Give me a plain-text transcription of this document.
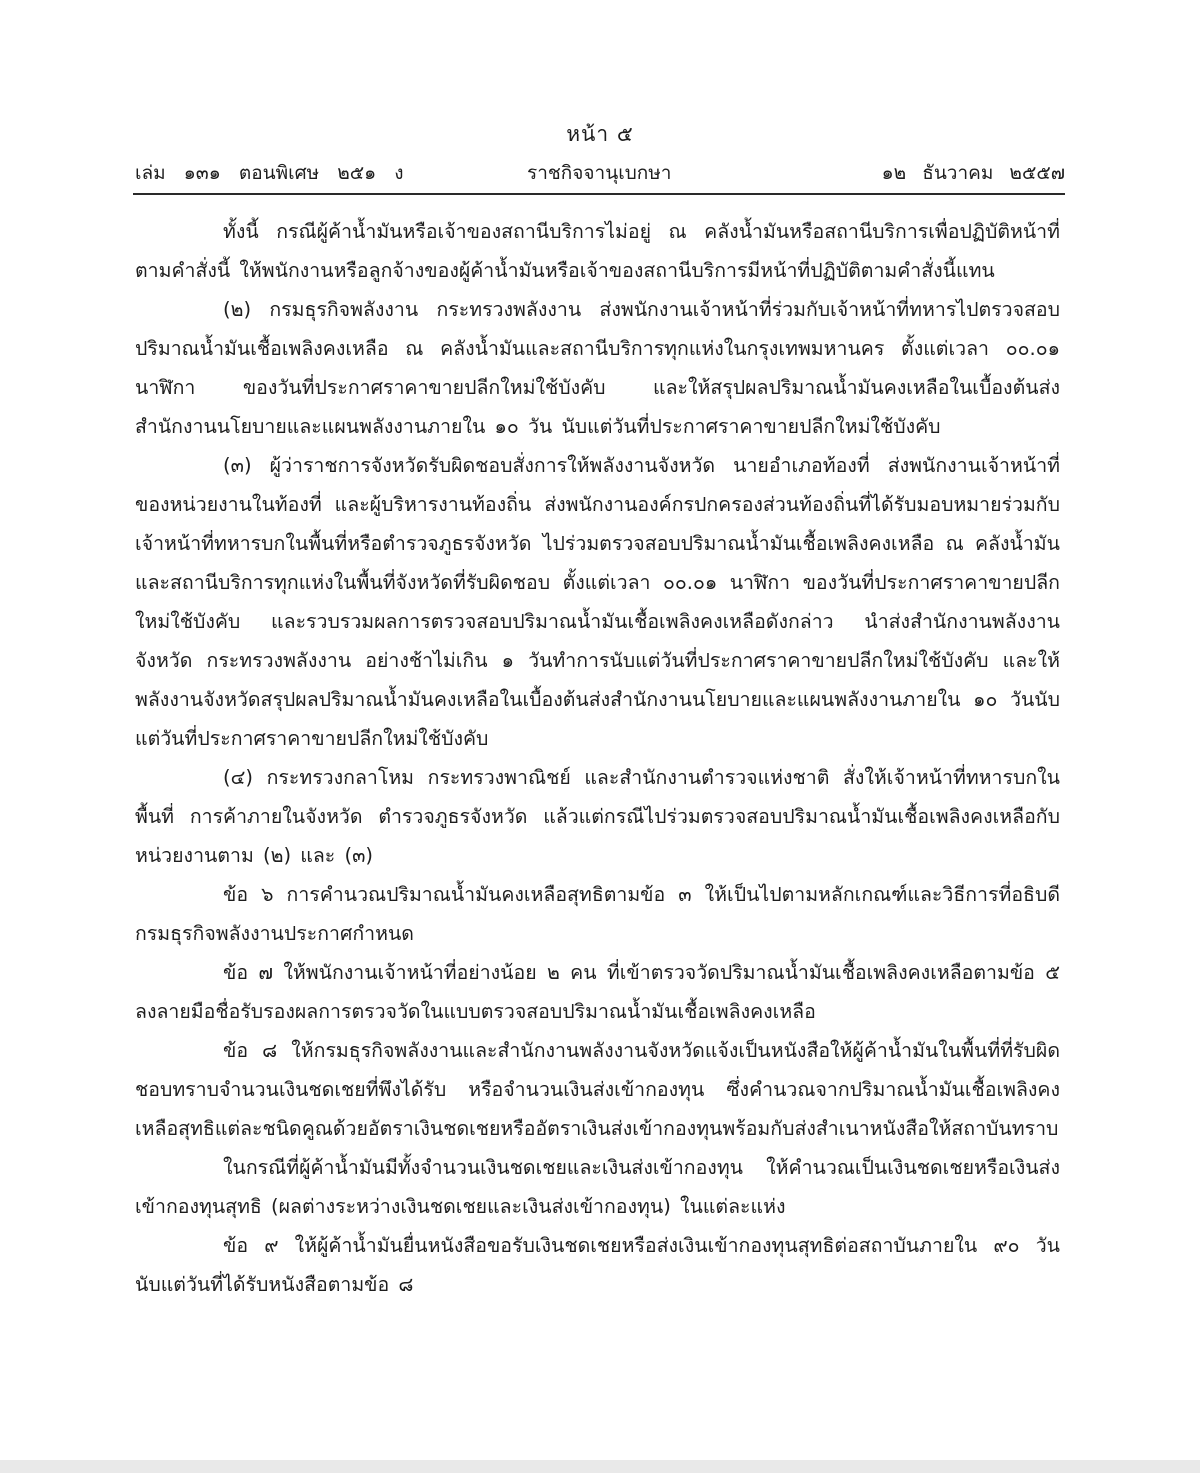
หน้า ๕
เล่ม ๑๓๑ ตอนพิเศษ ๒๕๑ ง	ราชกิจจานุเบกษา	๑๒ ธันวาคม ๒๕๕๗

ทั้งนี้ กรณีผู้ค้าน้ำมันหรือเจ้าของสถานีบริการไม่อยู่ ณ คลังน้ำมันหรือสถานีบริการเพื่อปฏิบัติหน้าที่ตามคำสั่งนี้ ให้พนักงานหรือลูกจ้างของผู้ค้าน้ำมันหรือเจ้าของสถานีบริการมีหน้าที่ปฏิบัติตามคำสั่งนี้แทน

(๒) กรมธุรกิจพลังงาน กระทรวงพลังงาน ส่งพนักงานเจ้าหน้าที่ร่วมกับเจ้าหน้าที่ทหารไปตรวจสอบปริมาณน้ำมันเชื้อเพลิงคงเหลือ ณ คลังน้ำมันและสถานีบริการทุกแห่งในกรุงเทพมหานคร ตั้งแต่เวลา ๐๐.๐๑ นาฬิกา ของวันที่ประกาศราคาขายปลีกใหม่ใช้บังคับ และให้สรุปผลปริมาณน้ำมันคงเหลือในเบื้องต้นส่งสำนักงานนโยบายและแผนพลังงานภายใน ๑๐ วัน นับแต่วันที่ประกาศราคาขายปลีกใหม่ใช้บังคับ

(๓) ผู้ว่าราชการจังหวัดรับผิดชอบสั่งการให้พลังงานจังหวัด นายอำเภอท้องที่ ส่งพนักงานเจ้าหน้าที่ของหน่วยงานในท้องที่ และผู้บริหารงานท้องถิ่น ส่งพนักงานองค์กรปกครองส่วนท้องถิ่นที่ได้รับมอบหมายร่วมกับเจ้าหน้าที่ทหารบกในพื้นที่หรือตำรวจภูธรจังหวัด ไปร่วมตรวจสอบปริมาณน้ำมันเชื้อเพลิงคงเหลือ ณ คลังน้ำมันและสถานีบริการทุกแห่งในพื้นที่จังหวัดที่รับผิดชอบ ตั้งแต่เวลา ๐๐.๐๑ นาฬิกา ของวันที่ประกาศราคาขายปลีกใหม่ใช้บังคับ และรวบรวมผลการตรวจสอบปริมาณน้ำมันเชื้อเพลิงคงเหลือดังกล่าว นำส่งสำนักงานพลังงานจังหวัด กระทรวงพลังงาน อย่างช้าไม่เกิน ๑ วันทำการนับแต่วันที่ประกาศราคาขายปลีกใหม่ใช้บังคับ และให้พลังงานจังหวัดสรุปผลปริมาณน้ำมันคงเหลือในเบื้องต้นส่งสำนักงานนโยบายและแผนพลังงานภายใน ๑๐ วันนับแต่วันที่ประกาศราคาขายปลีกใหม่ใช้บังคับ

(๔) กระทรวงกลาโหม กระทรวงพาณิชย์ และสำนักงานตำรวจแห่งชาติ สั่งให้เจ้าหน้าที่ทหารบกในพื้นที่ การค้าภายในจังหวัด ตำรวจภูธรจังหวัด แล้วแต่กรณีไปร่วมตรวจสอบปริมาณน้ำมันเชื้อเพลิงคงเหลือกับหน่วยงานตาม (๒) และ (๓)

ข้อ ๖ การคำนวณปริมาณน้ำมันคงเหลือสุทธิตามข้อ ๓ ให้เป็นไปตามหลักเกณฑ์และวิธีการที่อธิบดีกรมธุรกิจพลังงานประกาศกำหนด

ข้อ ๗ ให้พนักงานเจ้าหน้าที่อย่างน้อย ๒ คน ที่เข้าตรวจวัดปริมาณน้ำมันเชื้อเพลิงคงเหลือตามข้อ ๕ ลงลายมือชื่อรับรองผลการตรวจวัดในแบบตรวจสอบปริมาณน้ำมันเชื้อเพลิงคงเหลือ

ข้อ ๘ ให้กรมธุรกิจพลังงานและสำนักงานพลังงานจังหวัดแจ้งเป็นหนังสือให้ผู้ค้าน้ำมันในพื้นที่ที่รับผิดชอบทราบจำนวนเงินชดเชยที่พึงได้รับ หรือจำนวนเงินส่งเข้ากองทุน ซึ่งคำนวณจากปริมาณน้ำมันเชื้อเพลิงคงเหลือสุทธิแต่ละชนิดคูณด้วยอัตราเงินชดเชยหรืออัตราเงินส่งเข้ากองทุนพร้อมกับส่งสำเนาหนังสือให้สถาบันทราบ

ในกรณีที่ผู้ค้าน้ำมันมีทั้งจำนวนเงินชดเชยและเงินส่งเข้ากองทุน ให้คำนวณเป็นเงินชดเชยหรือเงินส่งเข้ากองทุนสุทธิ (ผลต่างระหว่างเงินชดเชยและเงินส่งเข้ากองทุน) ในแต่ละแห่ง

ข้อ ๙ ให้ผู้ค้าน้ำมันยื่นหนังสือขอรับเงินชดเชยหรือส่งเงินเข้ากองทุนสุทธิต่อสถาบันภายใน ๙๐ วัน นับแต่วันที่ได้รับหนังสือตามข้อ ๘
